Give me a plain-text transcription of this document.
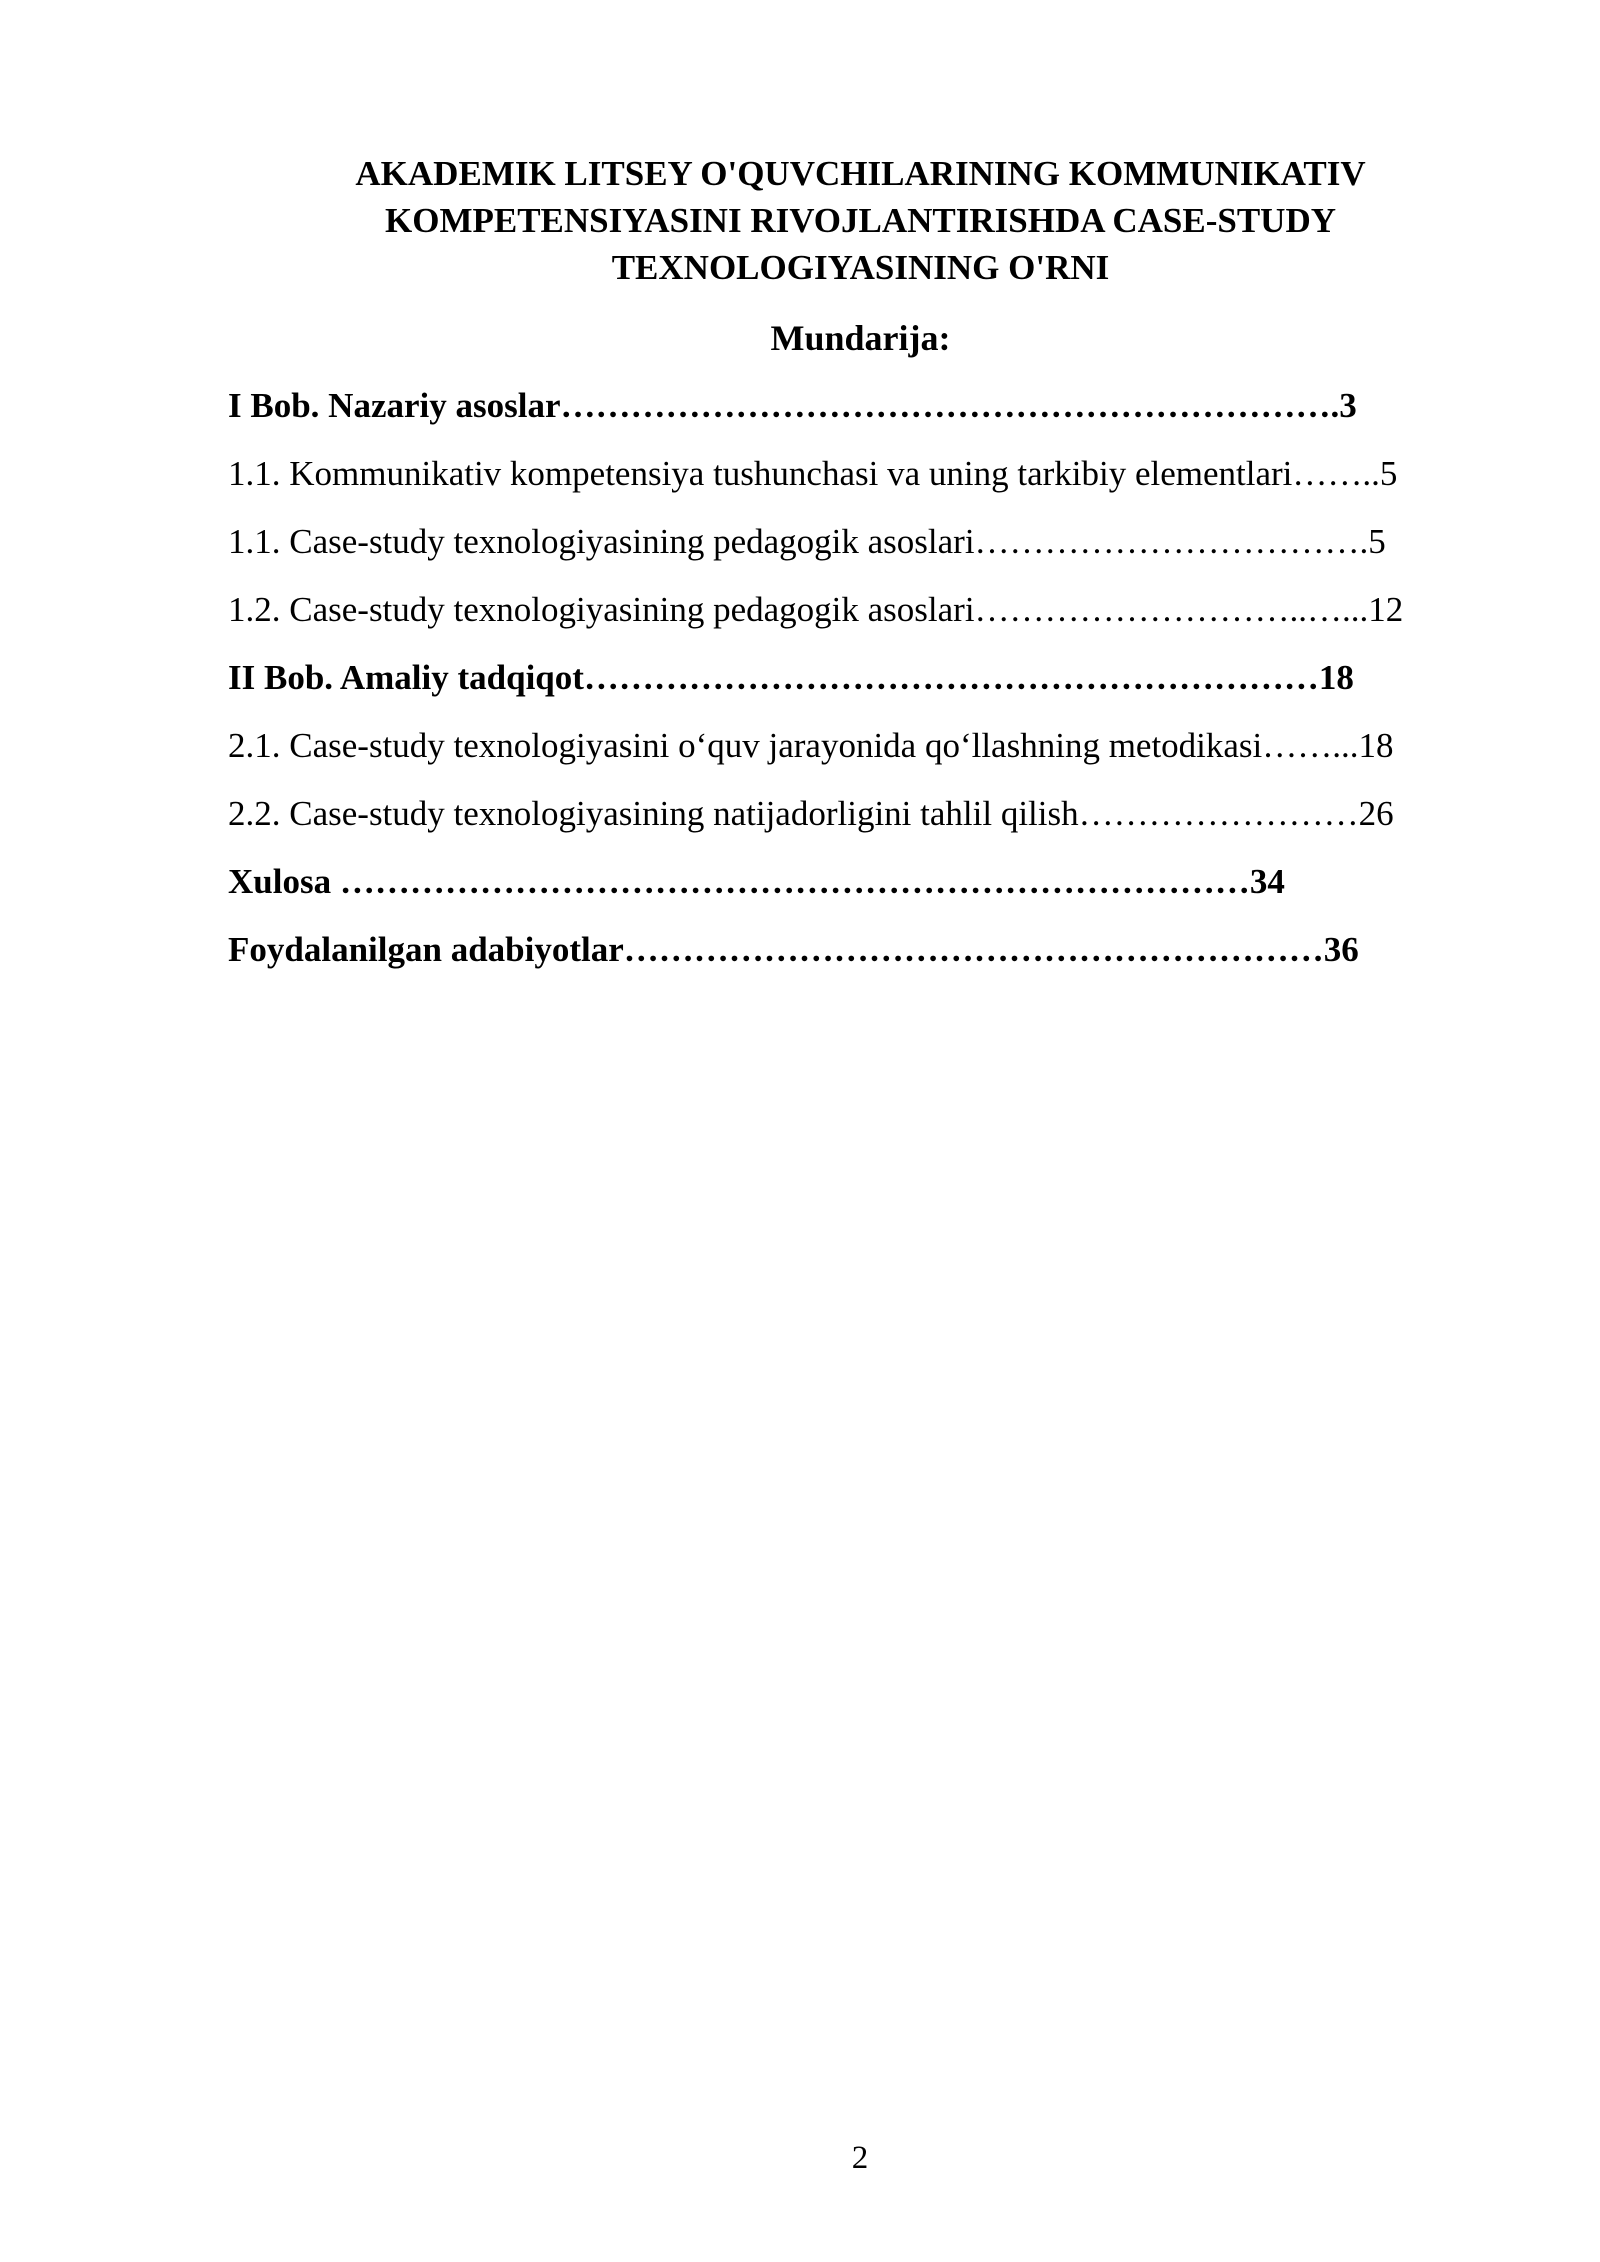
AKADEMIK LITSEY O'QUVCHILARINING KOMMUNIKATIV
KOMPETENSIYASINI RIVOJLANTIRISHDA CASE-STUDY
TEXNOLOGIYASINING O'RNI
Mundarija:
I Bob. Nazariy asoslar………………………………………………………….3
1.1. Kommunikativ kompetensiya tushunchasi va uning tarkibiy elementlari……..5
1.1. Case-study texnologiyasining pedagogik asoslari…………………………….5
1.2. Case-study texnologiyasining pedagogik asoslari………………………..…...12
II Bob. Amaliy tadqiqot………………………………………………………18
2.1. Case-study texnologiyasini o‘quv jarayonida qo‘llashning metodikasi……...18
2.2. Case-study texnologiyasining natijadorligini tahlil qilish……………………26
Xulosa ……………………………………………………………………34
Foydalanilgan adabiyotlar……………………………………………………36
2
